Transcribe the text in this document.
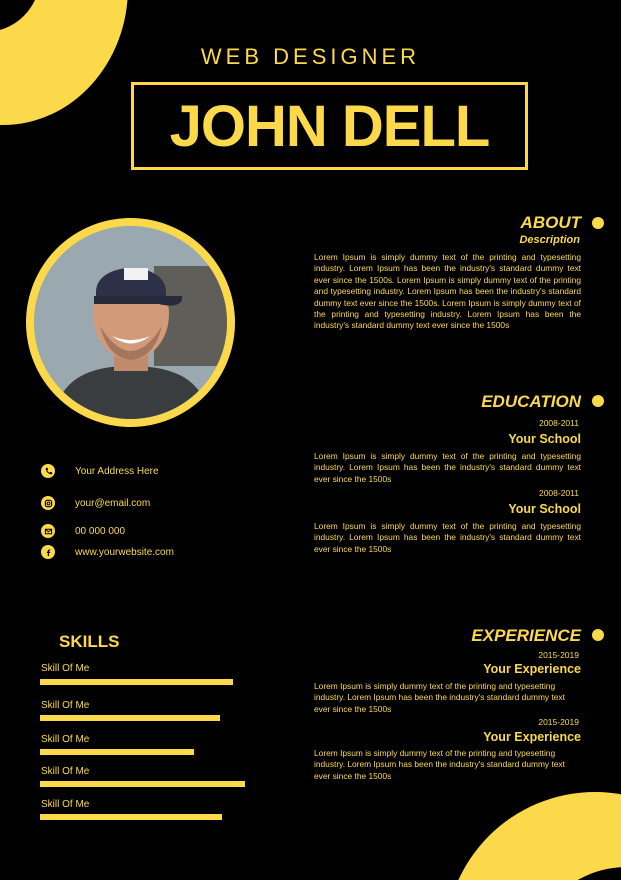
WEB DESIGNER
JOHN DELL
Your Address Here
your@email.com
00 000 000
www.yourwebsite.com
SKILLS
Skill Of Me
Skill Of Me
Skill Of Me
Skill Of Me
Skill Of Me
ABOUT
Description
Lorem Ipsum is simply dummy text of the printing and typesetting industry. Lorem Ipsum has been the industry's standard dummy text ever since the 1500s. Lorem Ipsum is simply dummy text of the printing and typesetting industry. Lorem Ipsum has been the industry's standard dummy text ever since the 1500s. Lorem Ipsum is simply dummy text of the printing and typesetting industry. Lorem Ipsum has been the industry's standard dummy text ever since the 1500s
EDUCATION
2008-2011
Your School
Lorem Ipsum is simply dummy text of the printing and typesetting industry. Lorem Ipsum has been the industry's standard dummy text ever since the 1500s
2008-2011
Your School
Lorem Ipsum is simply dummy text of the printing and typesetting industry. Lorem Ipsum has been the industry's standard dummy text ever since the 1500s
EXPERIENCE
2015-2019
Your Experience
Lorem Ipsum is simply dummy text of the printing and typesetting industry. Lorem Ipsum has been the industry's standard dummy text ever since the 1500s
2015-2019
Your Experience
Lorem Ipsum is simply dummy text of the printing and typesetting industry. Lorem Ipsum has been the industry's standard dummy text ever since the 1500s
